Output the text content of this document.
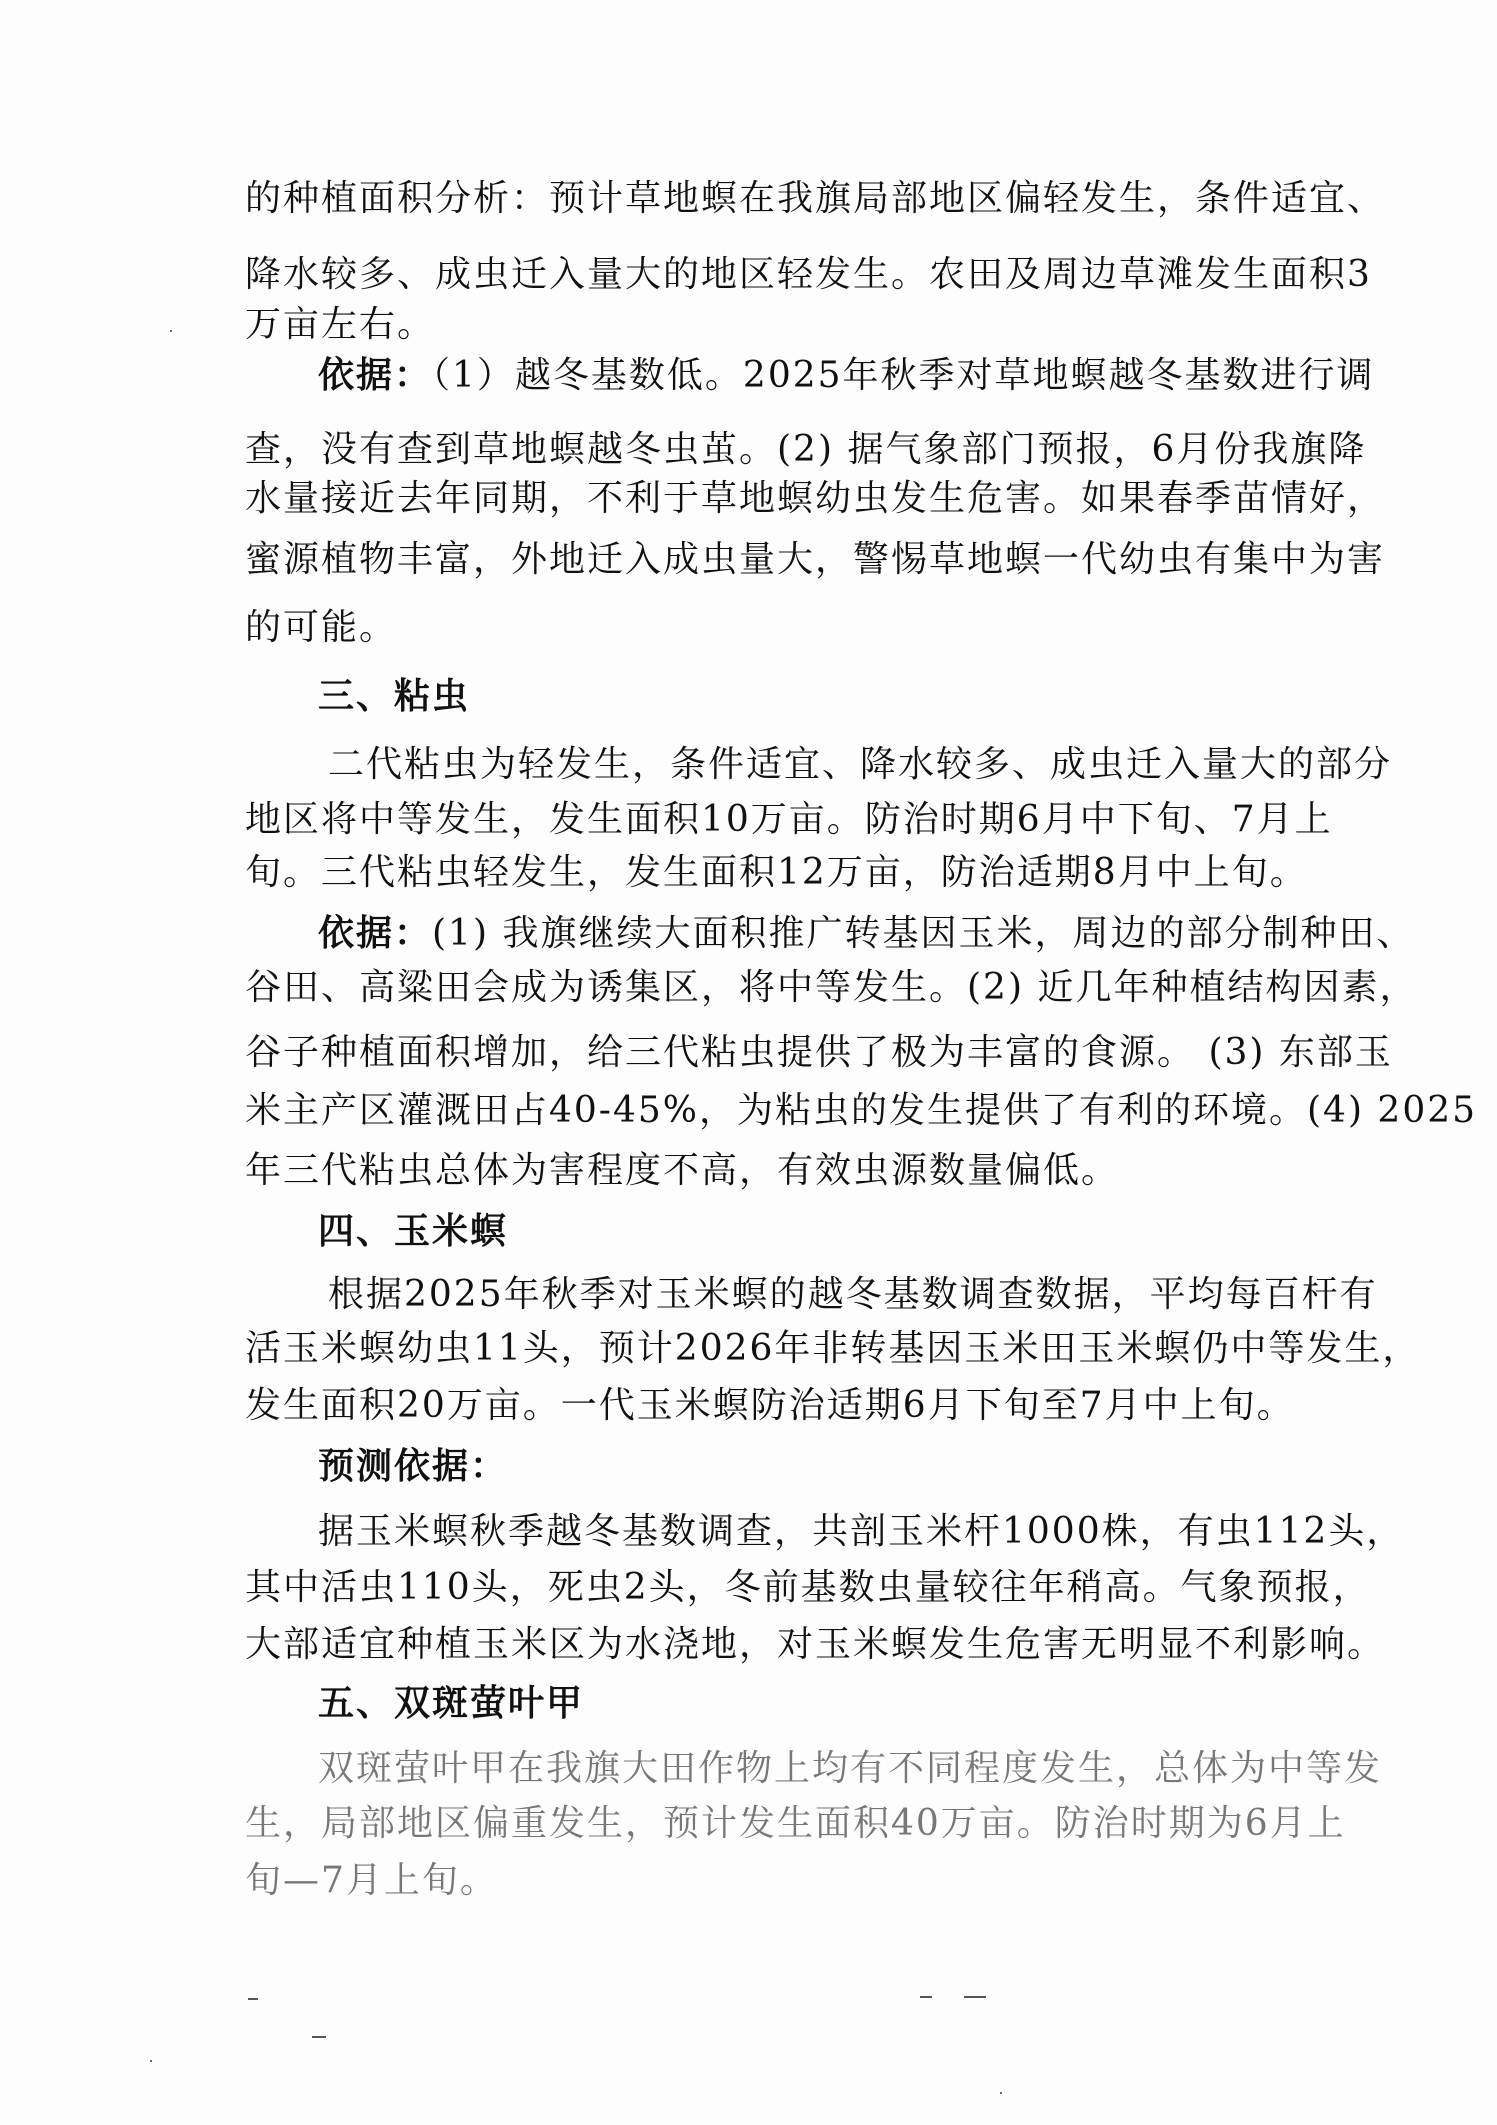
的种植面积分析：预计草地螟在我旗局部地区偏轻发生，条件适宜、
降水较多、成虫迁入量大的地区轻发生。农田及周边草滩发生面积3
万亩左右。
依据：（1）越冬基数低。2025年秋季对草地螟越冬基数进行调
查，没有查到草地螟越冬虫茧。(2) 据气象部门预报，6月份我旗降
水量接近去年同期，不利于草地螟幼虫发生危害。如果春季苗情好，
蜜源植物丰富，外地迁入成虫量大，警惕草地螟一代幼虫有集中为害
的可能。
三、粘虫
二代粘虫为轻发生，条件适宜、降水较多、成虫迁入量大的部分
地区将中等发生，发生面积10万亩。防治时期6月中下旬、7月上
旬。三代粘虫轻发生，发生面积12万亩，防治适期8月中上旬。
依据：(1) 我旗继续大面积推广转基因玉米，周边的部分制种田、
谷田、高粱田会成为诱集区，将中等发生。(2) 近几年种植结构因素，
谷子种植面积增加，给三代粘虫提供了极为丰富的食源。 (3) 东部玉
米主产区灌溉田占40-45%，为粘虫的发生提供了有利的环境。(4) 2025
年三代粘虫总体为害程度不高，有效虫源数量偏低。
四、玉米螟
根据2025年秋季对玉米螟的越冬基数调查数据，平均每百杆有
活玉米螟幼虫11头，预计2026年非转基因玉米田玉米螟仍中等发生，
发生面积20万亩。一代玉米螟防治适期6月下旬至7月中上旬。
预测依据：
据玉米螟秋季越冬基数调查，共剖玉米杆1000株，有虫112头，
其中活虫110头，死虫2头，冬前基数虫量较往年稍高。气象预报，
大部适宜种植玉米区为水浇地，对玉米螟发生危害无明显不利影响。
五、双斑萤叶甲
双斑萤叶甲在我旗大田作物上均有不同程度发生，总体为中等发
生，局部地区偏重发生，预计发生面积40万亩。防治时期为6月上
旬—7月上旬。
